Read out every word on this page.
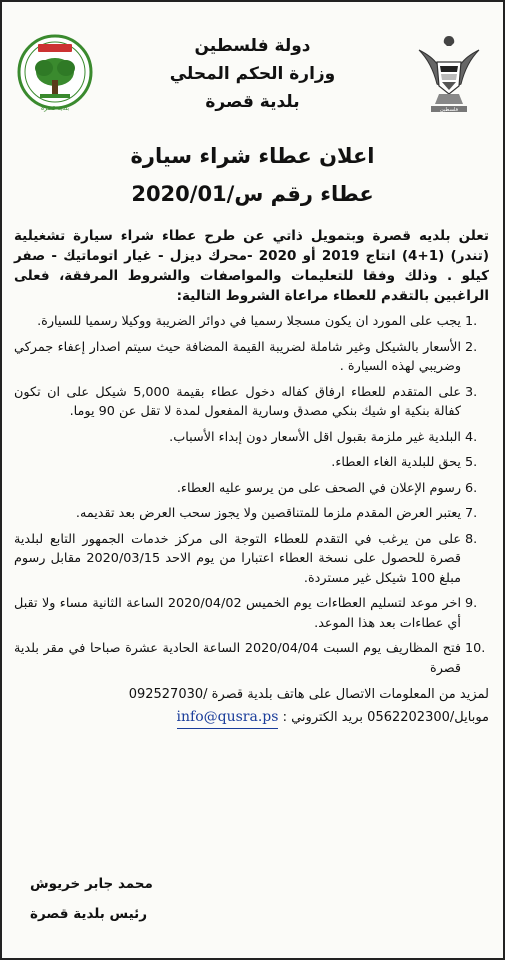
بلدية قصرة
دولة فلسطين
وزارة الحكم المحلي
بلدية قصرة	فلسطين
اعلان عطاء شراء سيارة
عطاء رقم س/2020/01

تعلن بلديه قصرة وبتمويل ذاتي عن طرح عطاء شراء سيارة تشغيلية (تندر) (1+4) انتاج 2019 أو 2020 -محرك ديزل - غيار اتوماتيك - صفر كيلو . وذلك وفقا للتعليمات والمواصفات والشروط المرفقة، فعلى الراغبين بالتقدم للعطاء مراعاة الشروط التالية:

1.
يجب على المورد ان يكون مسجلا رسميا في دوائر الضريبة ووكيلا رسميا للسيارة.
2.
الأسعار بالشيكل وغير شاملة لضريبة القيمة المضافة حيث سيتم اصدار إعفاء جمركي وضريبي لهذه السيارة .
3.
على المتقدم للعطاء ارفاق كفاله دخول عطاء بقيمة 5,000 شيكل على ان تكون كفالة بنكية او شيك بنكي مصدق وسارية المفعول لمدة لا تقل عن 90 يوما.
4.
البلدية غير ملزمة بقبول اقل الأسعار دون إبداء الأسباب.
5.
يحق للبلدية الغاء العطاء.
6.
رسوم الإعلان في الصحف على من يرسو عليه العطاء.
7.
يعتبر العرض المقدم ملزما للمتناقصين ولا يجوز سحب العرض بعد تقديمه.
8.
على من يرغب في التقدم للعطاء التوجة الى مركز خدمات الجمهور التابع لبلدية قصرة للحصول على نسخة العطاء اعتبارا من يوم الاحد 2020/03/15 مقابل رسوم مبلغ 100 شيكل غير مستردة.
9.
اخر موعد لتسليم العطاءات يوم الخميس 2020/04/02 الساعة الثانية مساء ولا تقبل أي عطاءات بعد هذا الموعد.
10.
فتح المظاريف يوم السبت 2020/04/04 الساعة الحادية عشرة صباحا في مقر بلدية قصرة
لمزيد من المعلومات الاتصال على هاتف بلدية قصرة /092527030
موبايل/0562202300 بريد الكتروني : info@qusra.ps
محمد جابر خريوش
رئيس بلدية قصرة
